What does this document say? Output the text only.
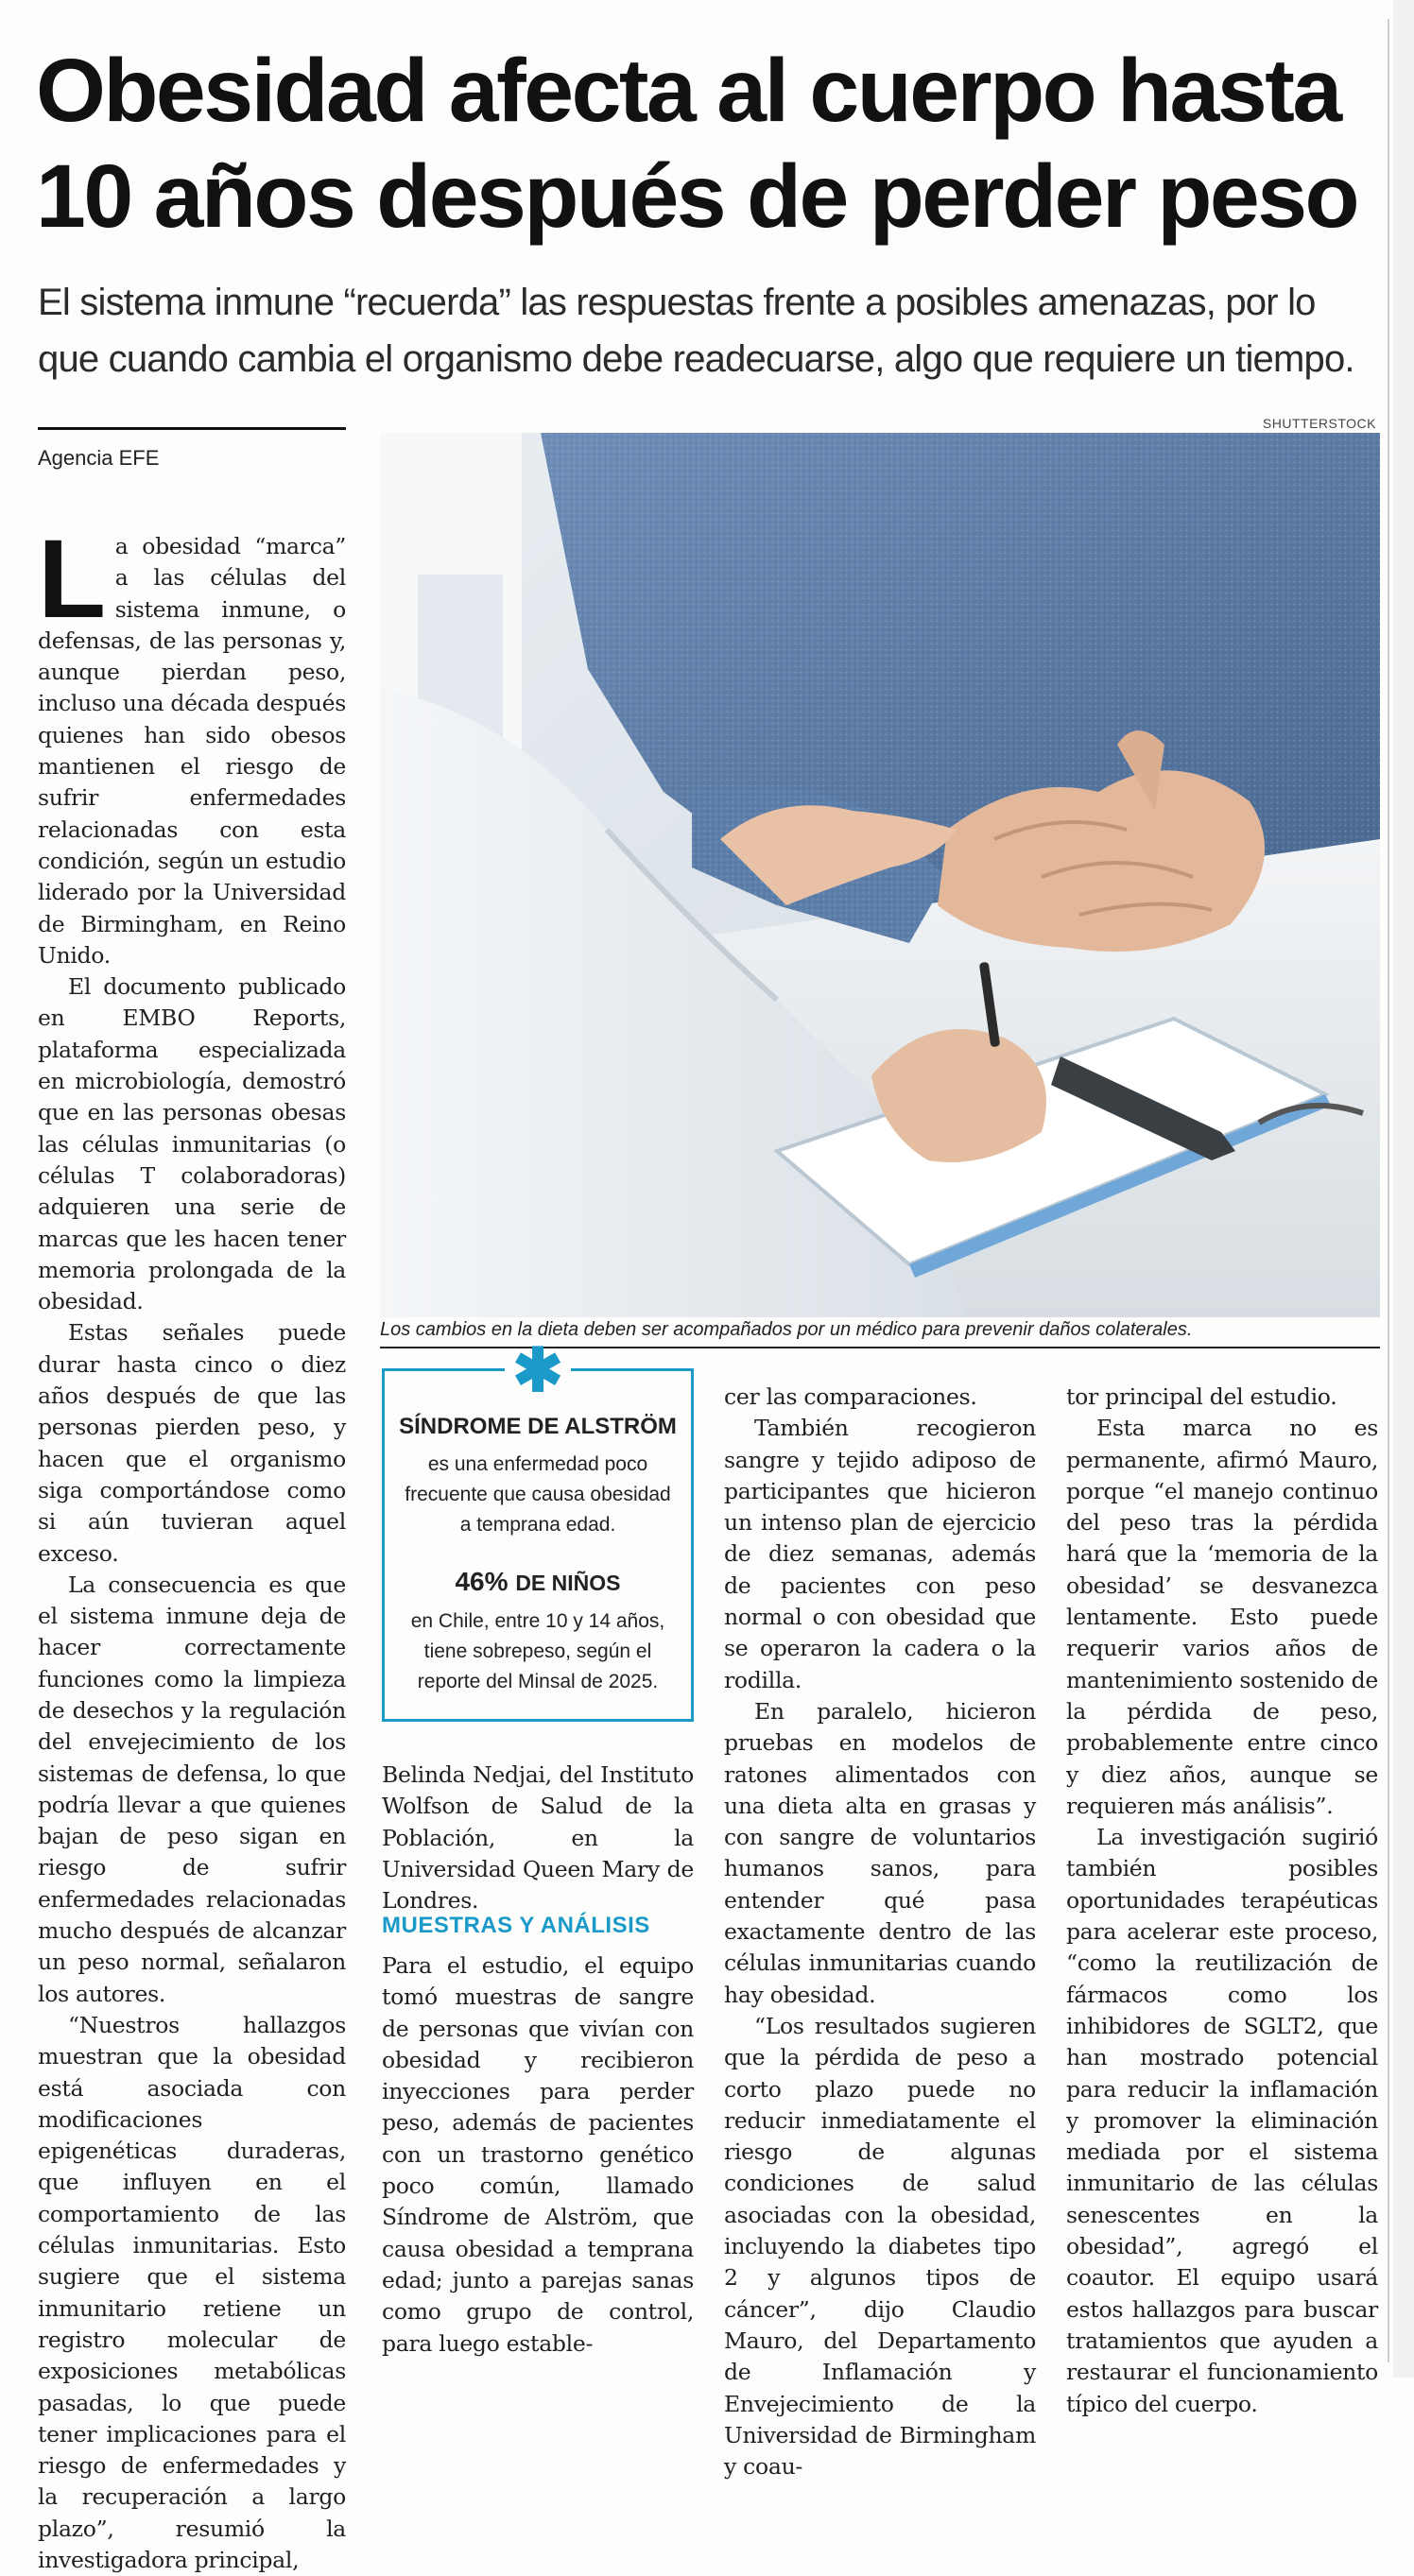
Obesidad afecta al cuerpo hasta 10 años después de perder peso

El sistema inmune “recuerda” las respuestas frente a posibles amenazas, por lo que cuando cambia el organismo debe readecuarse, algo que requiere un tiempo.

Agencia EFE
SHUTTERSTOCK
Los cambios en la dieta deben ser acompañados por un médico para prevenir daños colaterales.

La obesidad “marca” a las células del sistema inmune, o defensas, de las personas y, aunque pierdan peso, incluso una década después quienes han sido obesos mantienen el riesgo de sufrir enfermedades relacionadas con esta condición, según un estudio liderado por la Universidad de Birmingham, en Reino Unido.

El documento publicado en EMBO Reports, plataforma especializada en microbiología, demostró que en las personas obesas las células inmunitarias (o células T colaboradoras) adquieren una serie de marcas que les hacen tener memoria prolongada de la obesidad.

Estas señales puede durar hasta cinco o diez años después de que las personas pierden peso, y hacen que el organismo siga comportándose como si aún tuvieran aquel exceso.

La consecuencia es que el sistema inmune deja de hacer correctamente funciones como la limpieza de desechos y la regulación del envejecimiento de los sistemas de defensa, lo que podría llevar a que quienes bajan de peso sigan en riesgo de sufrir enfermedades relacionadas mucho después de alcanzar un peso normal, señalaron los autores.

“Nuestros hallazgos muestran que la obesidad está asociada con modificaciones epigenéticas duraderas, que influyen en el comportamiento de las células inmunitarias. Esto sugiere que el sistema inmunitario retiene un registro molecular de exposiciones metabólicas pasadas, lo que puede tener implicaciones para el riesgo de enfermedades y la recuperación a largo plazo”, resumió la investigadora principal,

✱
SÍNDROME DE ALSTRÖM
es una enfermedad poco frecuente que causa obesidad a temprana edad.
46% DE NIÑOS
en Chile, entre 10 y 14 años, tiene sobrepeso, según el reporte del Minsal de 2025.

Belinda Nedjai, del Instituto Wolfson de Salud de la Población, en la Universidad Queen Mary de Londres.

MUESTRAS Y ANÁLISIS

Para el estudio, el equipo tomó muestras de sangre de personas que vivían con obesidad y recibieron inyecciones para perder peso, además de pacientes con un trastorno genético poco común, llamado Síndrome de Alström, que causa obesidad a temprana edad; junto a parejas sanas como grupo de control, para luego estable-

cer las comparaciones.

También recogieron sangre y tejido adiposo de participantes que hicieron un intenso plan de ejercicio de diez semanas, además de pacientes con peso normal o con obesidad que se operaron la cadera o la rodilla.

En paralelo, hicieron pruebas en modelos de ratones alimentados con una dieta alta en grasas y con sangre de voluntarios humanos sanos, para entender qué pasa exactamente dentro de las células inmunitarias cuando hay obesidad.

“Los resultados sugieren que la pérdida de peso a corto plazo puede no reducir inmediatamente el riesgo de algunas condiciones de salud asociadas con la obesidad, incluyendo la diabetes tipo 2 y algunos tipos de cáncer”, dijo Claudio Mauro, del Departamento de Inflamación y Envejecimiento de la Universidad de Birmingham y coau-

tor principal del estudio.

Esta marca no es permanente, afirmó Mauro, porque “el manejo continuo del peso tras la pérdida hará que la ‘memoria de la obesidad’ se desvanezca lentamente. Esto puede requerir varios años de mantenimiento sostenido de la pérdida de peso, probablemente entre cinco y diez años, aunque se requieren más análisis”.

La investigación sugirió también posibles oportunidades terapéuticas para acelerar este proceso, “como la reutilización de fármacos como los inhibidores de SGLT2, que han mostrado potencial para reducir la inflamación y promover la eliminación mediada por el sistema inmunitario de las células senescentes en la obesidad”, agregó el coautor. El equipo usará estos hallazgos para buscar tratamientos que ayuden a restaurar el funcionamiento típico del cuerpo.
